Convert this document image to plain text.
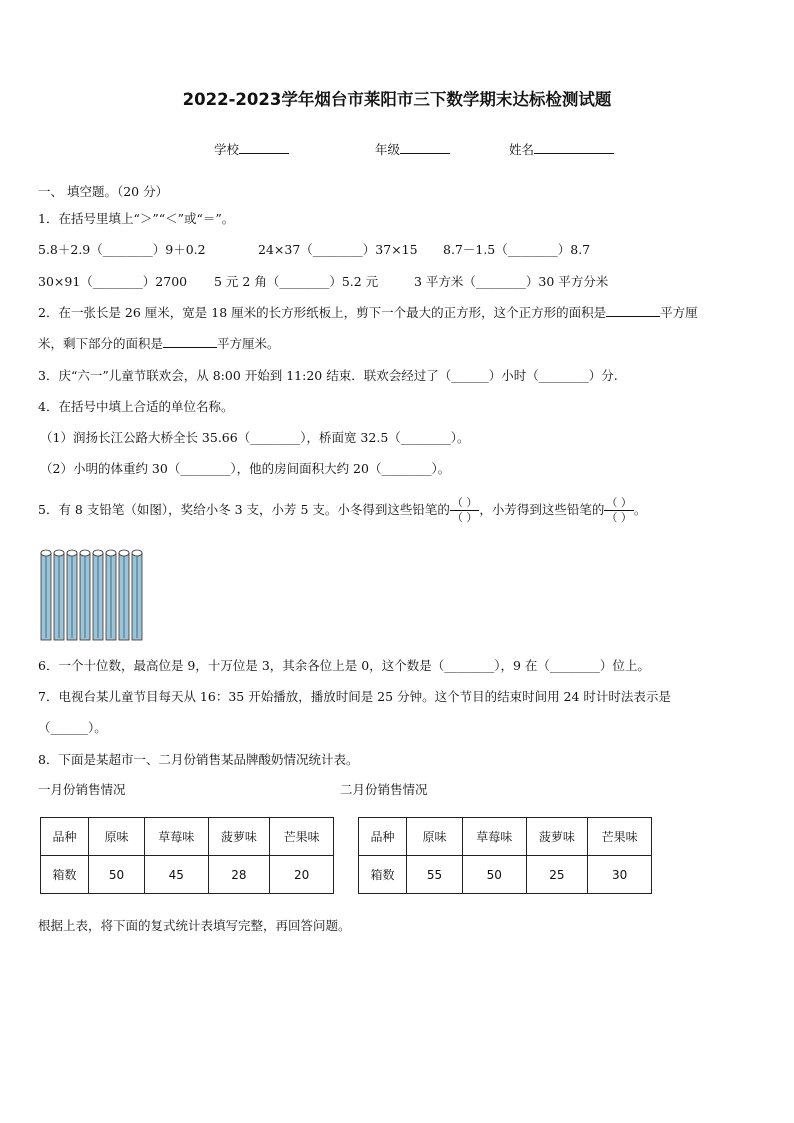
2022-2023学年烟台市莱阳市三下数学期末达标检测试题
学校	年级	姓名
一、 填空题。（20 分）
1．在括号里填上“＞”“＜”或“＝”。
5.8＋2.9（________）9＋0.2	24×37（________）37×15 8.7－1.5（________）8.7
30×91（________）2700 5 元 2 角（________）5.2 元	3 平方米（________）30 平方分米
2．在一张长是 26 厘米，宽是 18 厘米的长方形纸板上，剪下一个最大的正方形，这个正方形的面积是	平方厘
米，剩下部分的面积是	平方厘米。
3．庆“六一”儿童节联欢会，从 8:00 开始到 11:20 结束．联欢会经过了（______）小时（________）分.
4．在括号中填上合适的单位名称。
（1）润扬长江公路大桥全长 35.66（________），桥面宽 32.5（________）。
（2）小明的体重约 30（________），他的房间面积大约 20（________）。
5．有 8 支铅笔（如图），奖给小冬 3 支，小芳 5 支。小冬得到这些铅笔的 $\frac{( )}{( )}$ ，小芳得到这些铅笔的 $\frac{( )}{( )}$ 。
6．一个十位数，最高位是 9，十万位是 3，其余各位上是 0，这个数是（________），9 在（________）位上。
7．电视台某儿童节目每天从 16：35 开始播放，播放时间是 25 分钟。这个节目的结束时间用 24 时计时法表示是
（______）。
8．下面是某超市一、二月份销售某品牌酸奶情况统计表。
一月份销售情况	二月份销售情况
品种	原味	草莓味	菠萝味	芒果味
箱数	50	45	28	20
品种	原味	草莓味	菠萝味	芒果味
箱数	55	50	25	30
根据上表，将下面的复式统计表填写完整，再回答问题。
